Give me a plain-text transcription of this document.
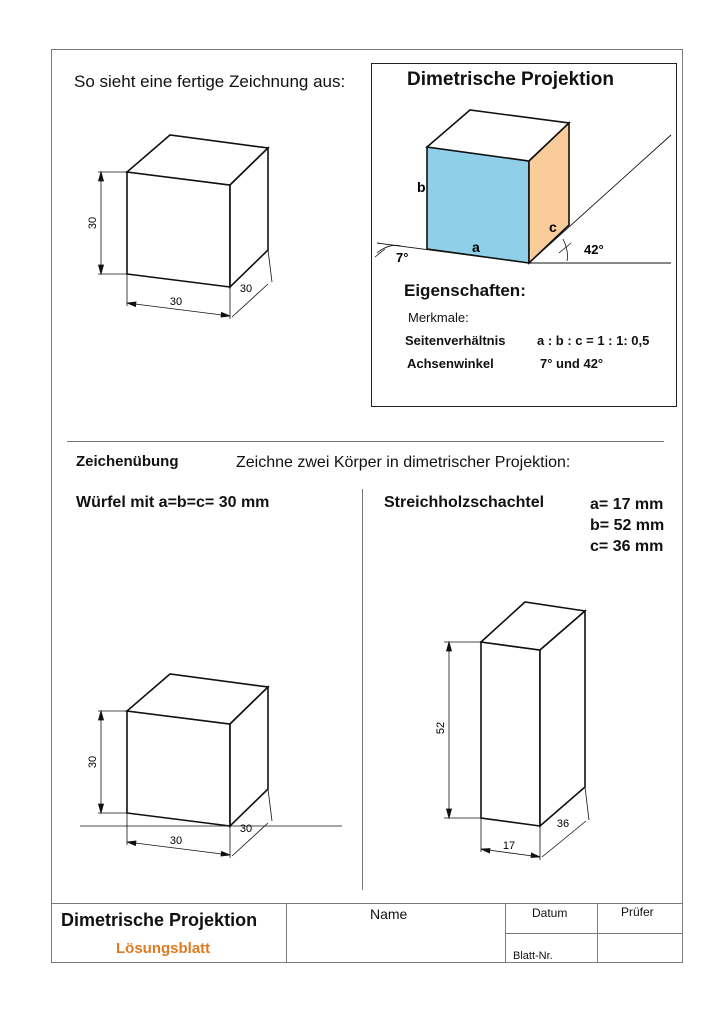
So sieht eine fertige Zeichnung aus:
30
30
30
Dimetrische Projektion
b
a
c
7°
42°
Eigenschaften:
Merkmale:
Seitenverhältnis a : b : c = 1 : 1: 0,5
Achsenwinkel	7° und 42°
Zeichenübung	Zeichne zwei Körper in dimetrischer Projektion:
Würfel mit a=b=c= 30 mm	Streichholzschachtel	a= 17 mm
b= 52 mm
c= 36 mm
30
30
30
52
17
36
Dimetrische Projektion
Lösungsblatt
Name	Datum	Prüfer
Blatt-Nr.
